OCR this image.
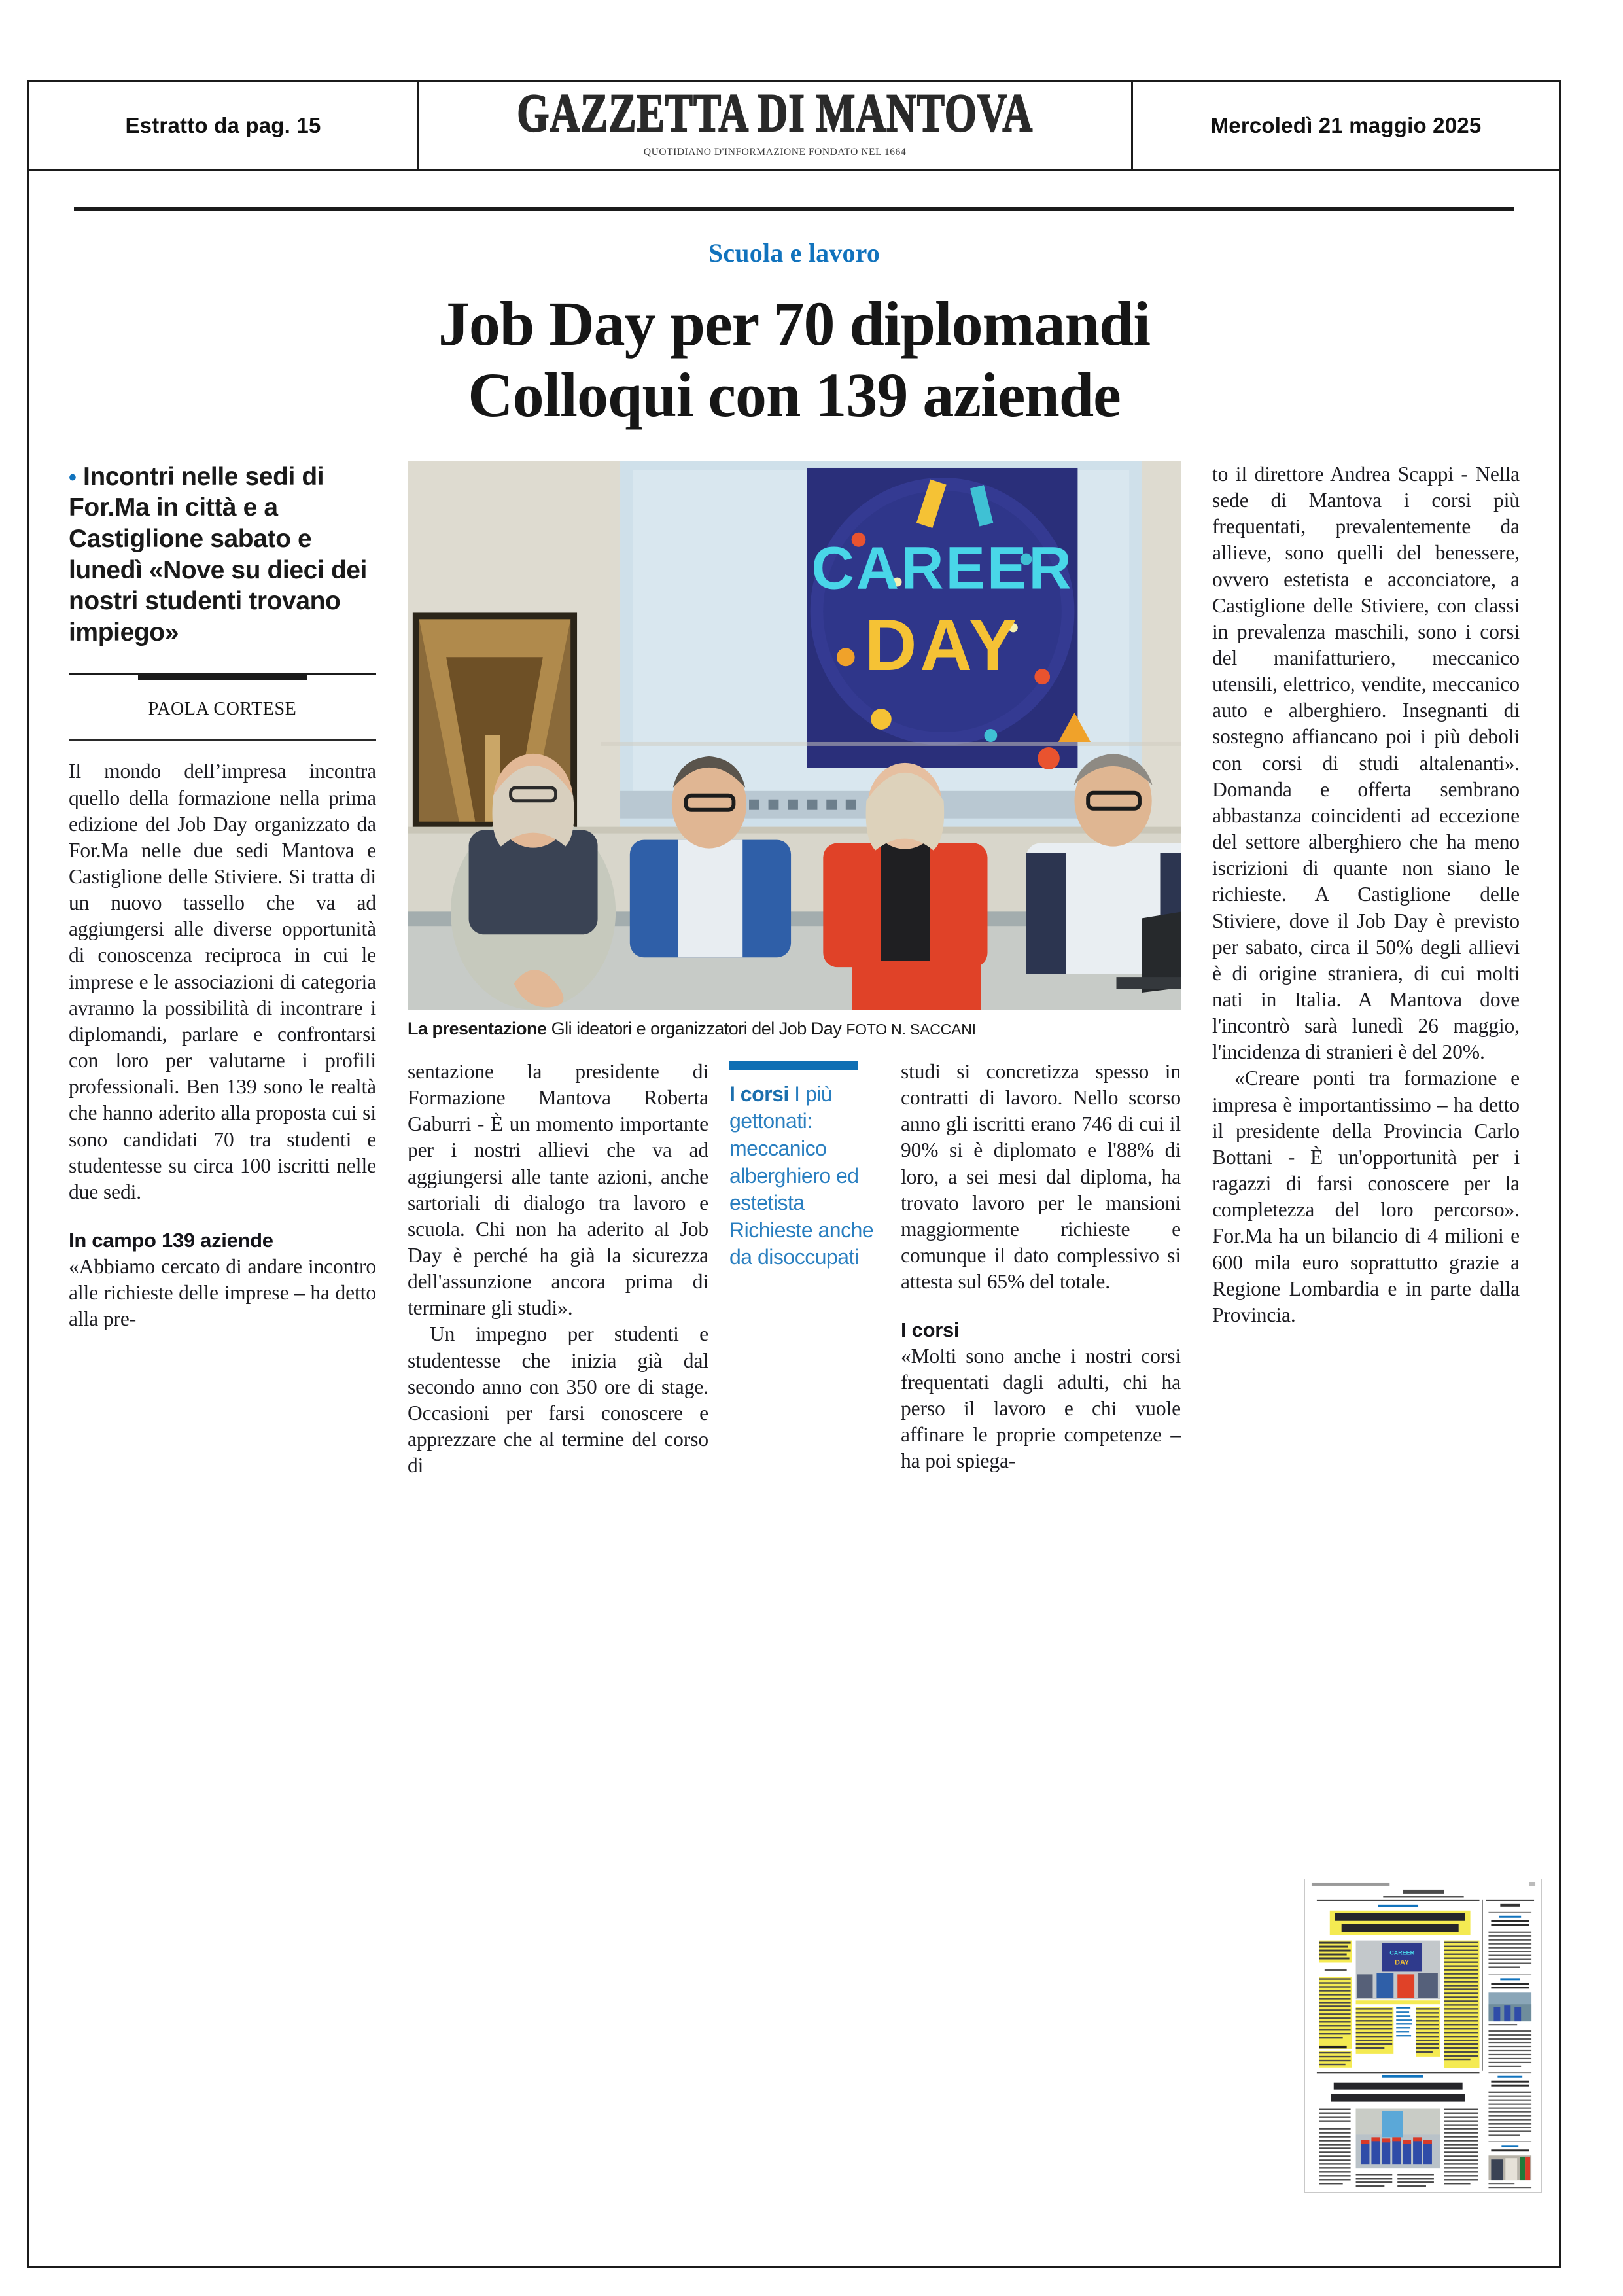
Estratto da pag. 15	GAZZETTA DI MANTOVA
QUOTIDIANO D'INFORMAZIONE FONDATO NEL 1664
Mercoledì 21 maggio 2025
Scuola e lavoro
Job Day per 70 diplomandi
Colloqui con 139 aziende
• Incontri nelle sedi di For.Ma in città e a Castiglione sabato e lunedì «Nove su dieci dei nostri studenti trovano impiego»
PAOLA CORTESE

Il mondo dell’impresa incontra quello della formazione nella prima edizione del Job Day organizzato da For.Ma nelle due sedi Mantova e Castiglione delle Stiviere. Si tratta di un nuovo tassello che va ad aggiungersi alle diverse opportunità di conoscenza reciproca in cui le imprese e le associazioni di categoria avranno la possibilità di incontrare i diplomandi, parlare e confrontarsi con loro per valutarne i profili professionali. Ben 139 sono le realtà che hanno aderito alla proposta cui si sono candidati 70 tra studenti e studentesse su circa 100 iscritti nelle due sedi.

In campo 139 aziende

«Abbiamo cercato di andare incontro alle richieste delle imprese – ha detto alla pre-

CAREER
DAY
La presentazione Gli ideatori e organizzatori del Job Day FOTO N. SACCANI

sentazione la presidente di Formazione Mantova Roberta Gaburri - È un momento importante per i nostri allievi che va ad aggiungersi alle tante azioni, anche sartoriali di dialogo tra lavoro e scuola. Chi non ha aderito al Job Day è perché ha già la sicurezza dell'assunzione ancora prima di terminare gli studi».

Un impegno per studenti e studentesse che inizia già dal secondo anno con 350 ore di stage. Occasioni per farsi conoscere e apprezzare che al termine del corso di

I corsi I più gettonati: meccanico alberghiero ed estetista Richieste anche da disoccupati

studi si concretizza spesso in contratti di lavoro. Nello scorso anno gli iscritti erano 746 di cui il 90% si è diplomato e l'88% di loro, a sei mesi dal diploma, ha trovato lavoro per le mansioni maggiormente richieste e comunque il dato complessivo si attesta sul 65% del totale.

I corsi

«Molti sono anche i nostri corsi frequentati dagli adulti, chi ha perso il lavoro e chi vuole affinare le proprie competenze – ha poi spiega-

to il direttore Andrea Scappi - Nella sede di Mantova i corsi più frequentati, prevalentemente da allieve, sono quelli del benessere, ovvero estetista e acconciatore, a Castiglione delle Stiviere, con classi in prevalenza maschili, sono i corsi del manifatturiero, meccanico utensili, elettrico, vendite, meccanico auto e alberghiero. Insegnanti di sostegno affiancano poi i più deboli con corsi di studi altalenanti». Domanda e offerta sembrano abbastanza coincidenti ad eccezione del settore alberghiero che ha meno iscrizioni di quante non siano le richieste. A Castiglione delle Stiviere, dove il Job Day è previsto per sabato, circa il 50% degli allievi è di origine straniera, di cui molti nati in Italia. A Mantova dove l'incontrò sarà lunedì 26 maggio, l'incidenza di stranieri è del 20%.

«Creare ponti tra formazione e impresa è importantissimo – ha detto il presidente della Provincia Carlo Bottani - È un'opportunità per i ragazzi di farsi conoscere per la completezza del loro percorso». For.Ma ha un bilancio di 4 milioni e 600 mila euro soprattutto grazie a Regione Lombardia e in parte dalla Provincia.

CAREER
DAY
